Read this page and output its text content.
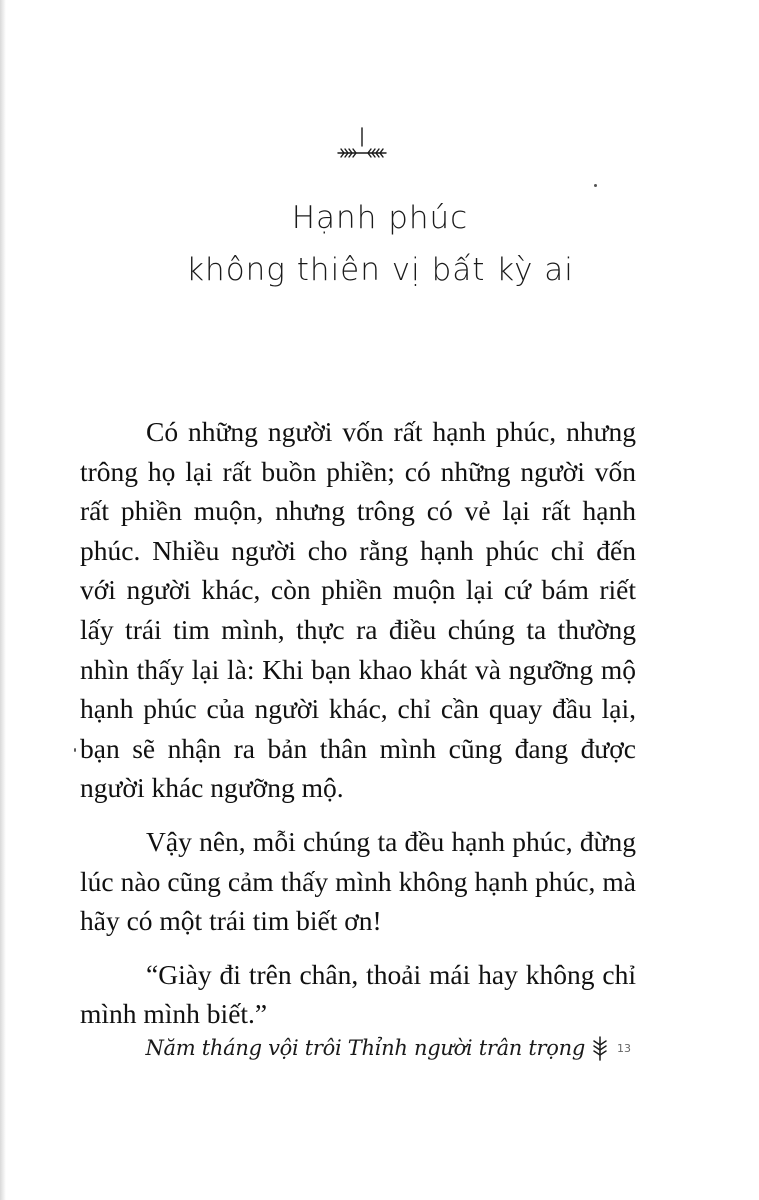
Hạnh phúc
không thiên vị bất kỳ ai

Có những người vốn rất hạnh phúc, nhưng trông họ lại rất buồn phiền; có những người vốn rất phiền muộn, nhưng trông có vẻ lại rất hạnh phúc. Nhiều người cho rằng hạnh phúc chỉ đến với người khác, còn phiền muộn lại cứ bám riết lấy trái tim mình, thực ra điều chúng ta thường nhìn thấy lại là: Khi bạn khao khát và ngưỡng mộ hạnh phúc của người khác, chỉ cần quay đầu lại, bạn sẽ nhận ra bản thân mình cũng đang được người khác ngưỡng mộ.

Vậy nên, mỗi chúng ta đều hạnh phúc, đừng lúc nào cũng cảm thấy mình không hạnh phúc, mà hãy có một trái tim biết ơn!

“Giày đi trên chân, thoải mái hay không chỉ mình mình biết.”

Năm tháng vội trôi Thỉnh người trân trọng	13
